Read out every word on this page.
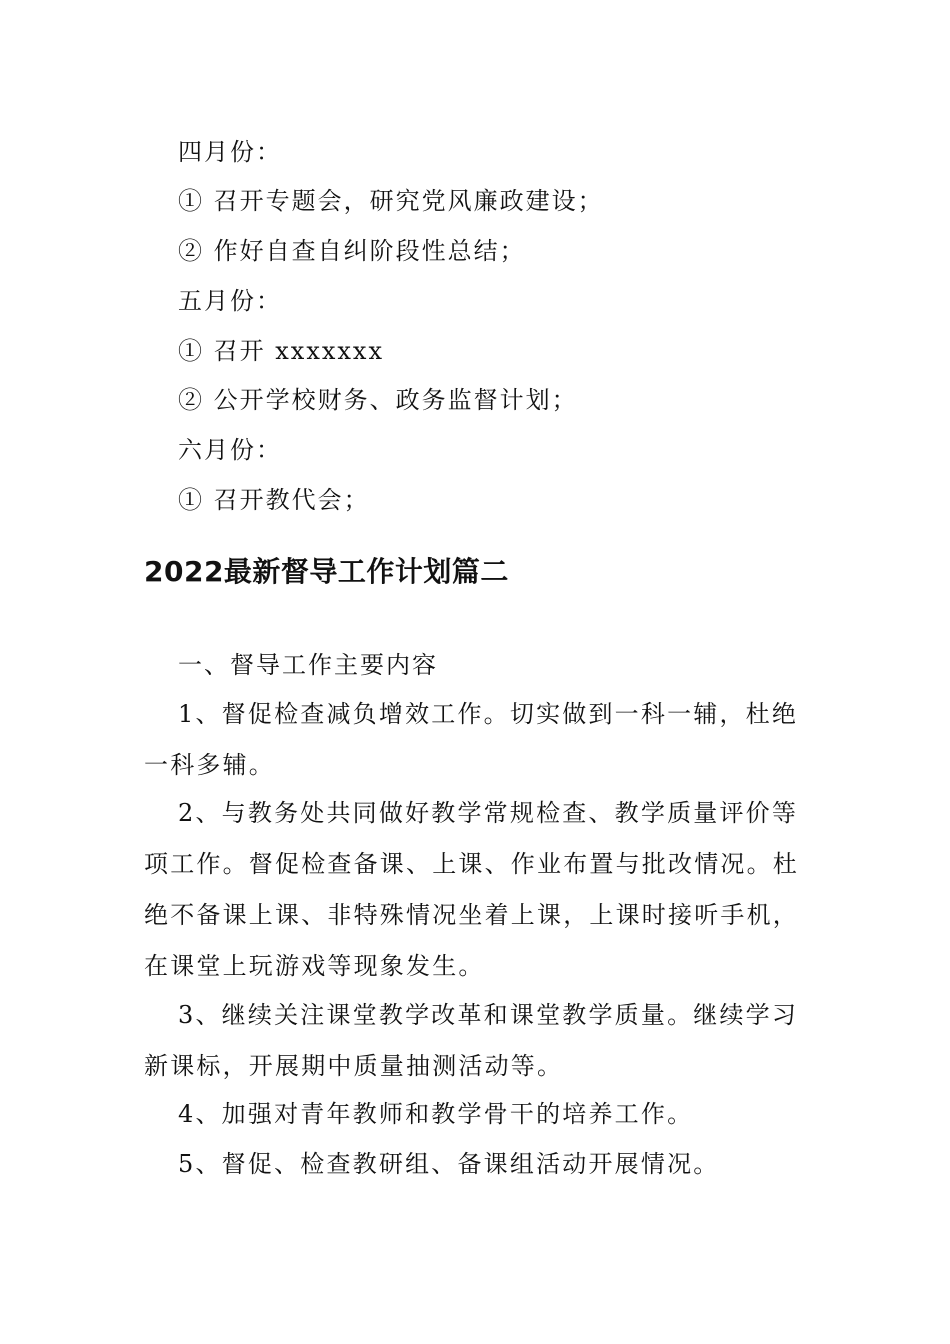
四月份：
① 召开专题会，研究党风廉政建设；
② 作好自查自纠阶段性总结；
五月份：
① 召开 xxxxxxx
② 公开学校财务、政务监督计划；
六月份：
① 召开教代会；
2022最新督导工作计划篇二
一、督导工作主要内容
1、督促检查减负增效工作。切实做到一科一辅，杜绝一科多辅。
2、与教务处共同做好教学常规检查、教学质量评价等项工作。督促检查备课、上课、作业布置与批改情况。杜绝不备课上课、非特殊情况坐着上课，上课时接听手机，在课堂上玩游戏等现象发生。
3、继续关注课堂教学改革和课堂教学质量。继续学习新课标，开展期中质量抽测活动等。
4、加强对青年教师和教学骨干的培养工作。
5、督促、检查教研组、备课组活动开展情况。
